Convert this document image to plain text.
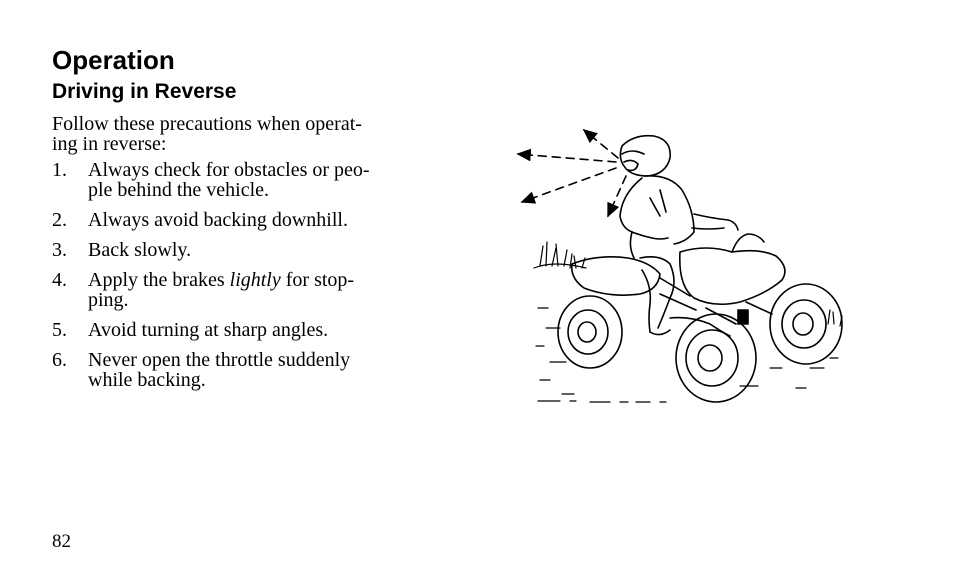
Operation
Driving in Reverse

Follow these precautions when operat-
ing in reverse:

1. Always check for obstacles or peo-
ple behind the vehicle.
2. Always avoid backing downhill.
3. Back slowly.
4. Apply the brakes lightly for stop-
ping.
5. Avoid turning at sharp angles.
6. Never open the throttle suddenly
while backing.
82
